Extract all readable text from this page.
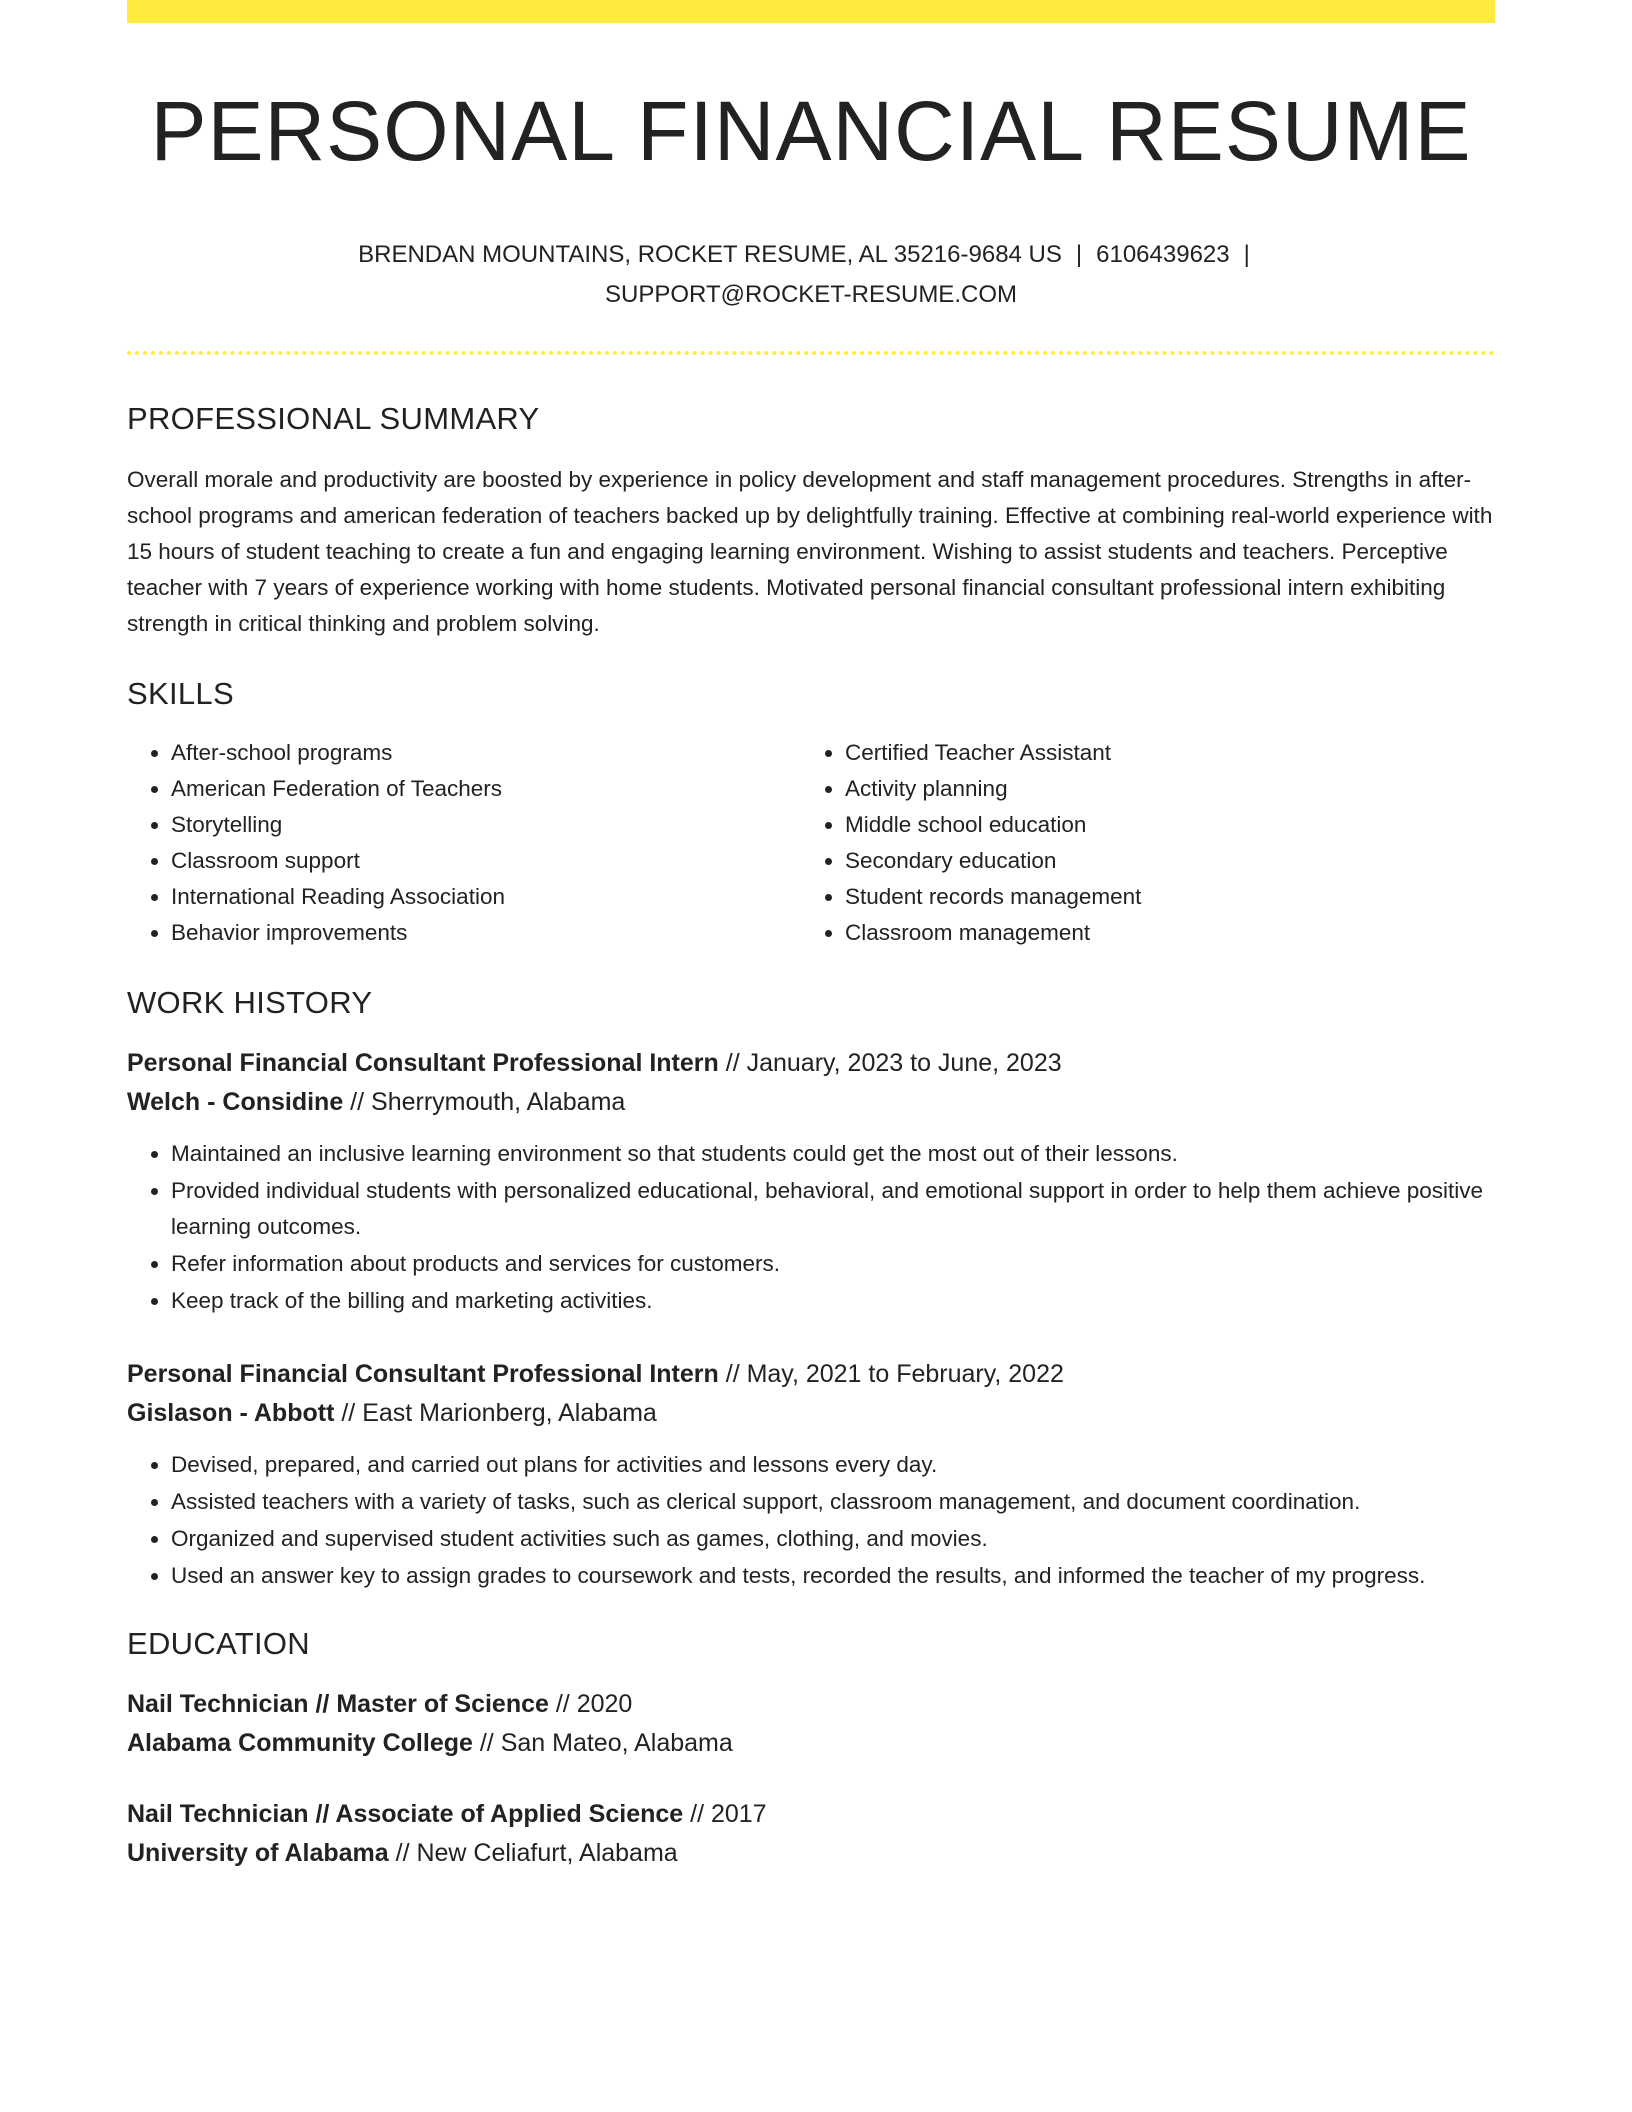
PERSONAL FINANCIAL RESUME
BRENDAN MOUNTAINS, ROCKET RESUME, AL 35216-9684 US | 6106439623 |
SUPPORT@ROCKET-RESUME.COM
PROFESSIONAL SUMMARY

Overall morale and productivity are boosted by experience in policy development and staff management procedures. Strengths in after-school programs and american federation of teachers backed up by delightfully training. Effective at combining real-world experience with 15 hours of student teaching to create a fun and engaging learning environment. Wishing to assist students and teachers. Perceptive teacher with 7 years of experience working with home students. Motivated personal financial consultant professional intern exhibiting strength in critical thinking and problem solving.

SKILLS
• After-school programs
• American Federation of Teachers
• Storytelling
• Classroom support
• International Reading Association
• Behavior improvements
• Certified Teacher Assistant
• Activity planning
• Middle school education
• Secondary education
• Student records management
• Classroom management
WORK HISTORY

Personal Financial Consultant Professional Intern // January, 2023 to June, 2023

Welch - Considine // Sherrymouth, Alabama

• Maintained an inclusive learning environment so that students could get the most out of their lessons.
• Provided individual students with personalized educational, behavioral, and emotional support in order to help them achieve positive learning outcomes.
• Refer information about products and services for customers.
• Keep track of the billing and marketing activities.

Personal Financial Consultant Professional Intern // May, 2021 to February, 2022

Gislason - Abbott // East Marionberg, Alabama

• Devised, prepared, and carried out plans for activities and lessons every day.
• Assisted teachers with a variety of tasks, such as clerical support, classroom management, and document coordination.
• Organized and supervised student activities such as games, clothing, and movies.
• Used an answer key to assign grades to coursework and tests, recorded the results, and informed the teacher of my progress.
EDUCATION

Nail Technician // Master of Science // 2020

Alabama Community College // San Mateo, Alabama

Nail Technician // Associate of Applied Science // 2017

University of Alabama // New Celiafurt, Alabama
